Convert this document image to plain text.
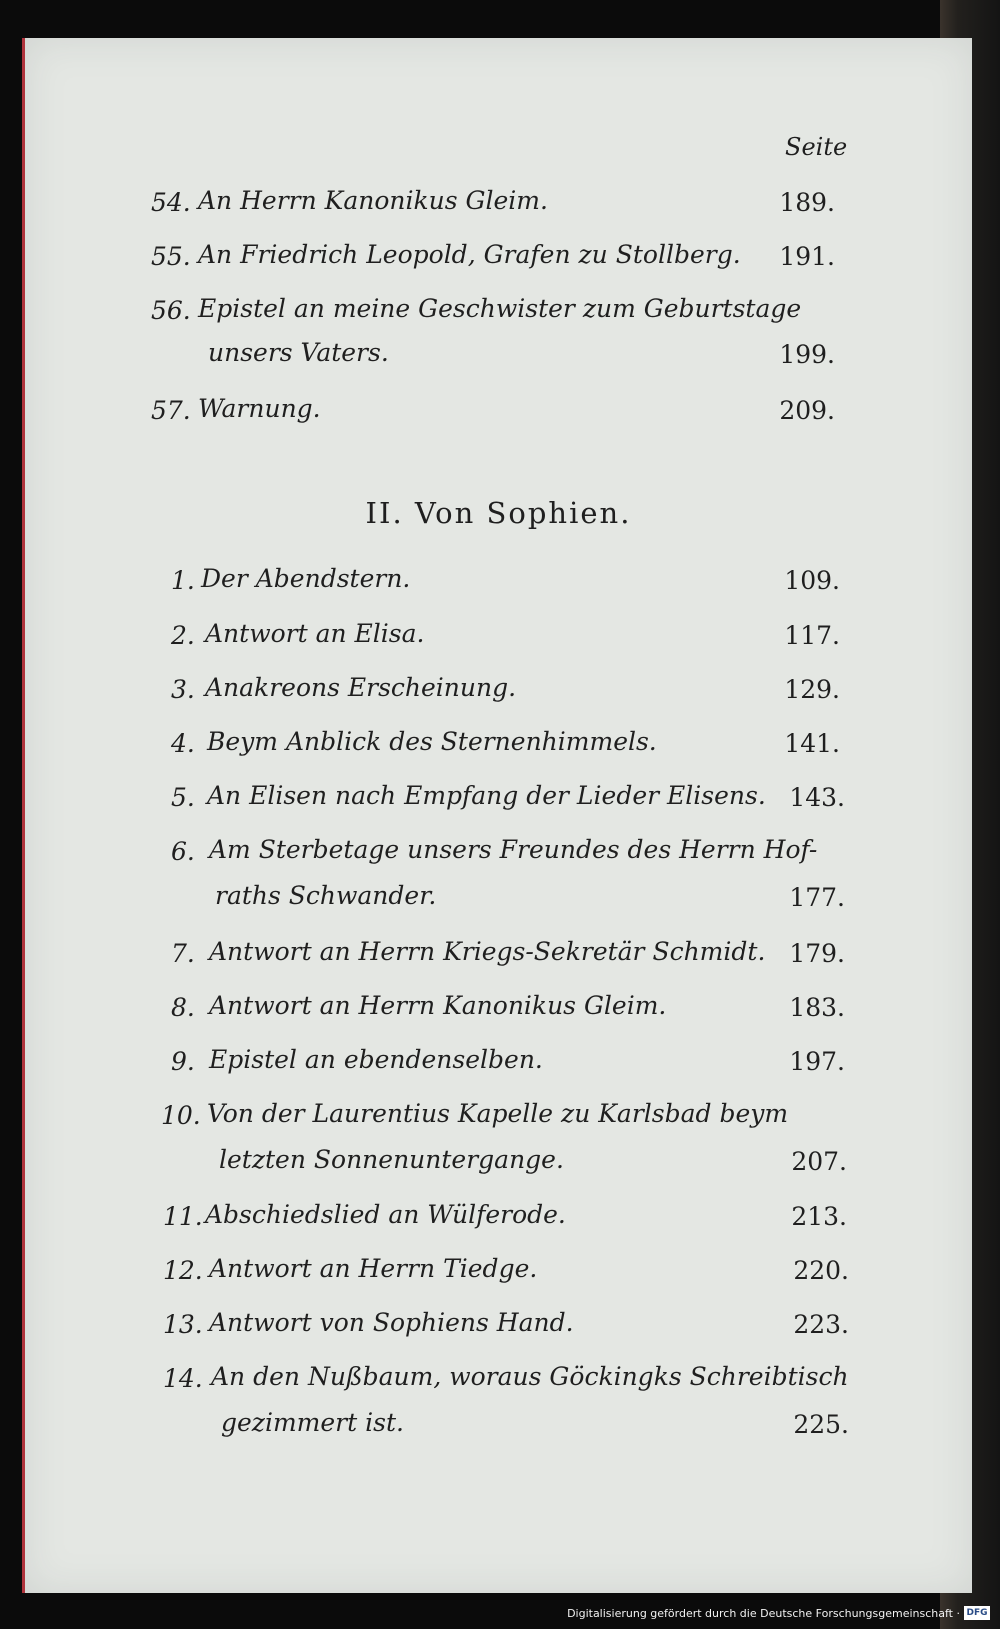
Seite
54. An Herrn Kanonikus Gleim.	189.
55. An Friedrich Leopold, Grafen zu Stollberg. 191.
56. Epistel an meine Geschwister zum Geburtstage
unsers Vaters.	199.
57. Warnung.	209.
II. Von Sophien.
1. Der Abendstern.	109.
2. Antwort an Elisa.	117.
3. Anakreons Erscheinung.	129.
4. Beym Anblick des Sternenhimmels.	141.
5. An Elisen nach Empfang der Lieder Elisens. 143.
6. Am Sterbetage unsers Freundes des Herrn Hof-
raths Schwander.	177.
7. Antwort an Herrn Kriegs-Sekretär Schmidt. 179.
8. Antwort an Herrn Kanonikus Gleim.	183.
9. Epistel an ebendenselben.	197.
10. Von der Laurentius Kapelle zu Karlsbad beym
letzten Sonnenuntergange.	207.
11. Abschiedslied an Wülferode.	213.
12. Antwort an Herrn Tiedge.	220.
13. Antwort von Sophiens Hand.	223.
14. An den Nußbaum, woraus Göckingks Schreibtisch
gezimmert ist.	225.
Digitalisierung gefördert durch die Deutsche Forschungsgemeinschaft · DFG
